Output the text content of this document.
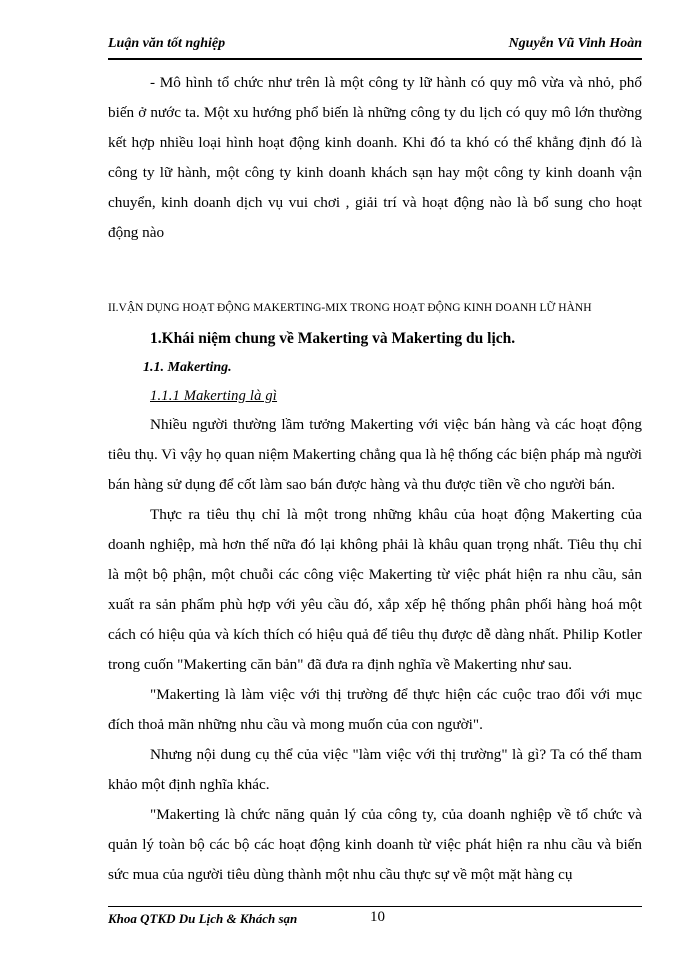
Luận văn tốt nghiệp	Nguyễn Vũ Vinh Hoàn

- Mô hình tổ chức như trên là một công ty lữ hành có quy mô vừa và nhỏ, phổ biến ở nước ta. Một xu hướng phổ biến là những công ty du lịch có quy mô lớn thường kết hợp nhiều loại hình hoạt động kinh doanh. Khi đó ta khó có thể khẳng định đó là công ty lữ hành, một công ty kinh doanh khách sạn hay một công ty kinh doanh vận chuyển, kinh doanh dịch vụ vui chơi , giải trí và hoạt động nào là bổ sung cho hoạt động nào

II.VẬN DỤNG HOẠT ĐỘNG MAKERTING-MIX TRONG HOẠT ĐỘNG KINH DOANH LỮ HÀNH

1.Khái niệm chung về Makerting và Makerting du lịch.

1.1. Makerting.

1.1.1 Makerting là gì

Nhiều người thường lầm tưởng Makerting với việc bán hàng và các hoạt động tiêu thụ. Vì vậy họ quan niệm Makerting chẳng qua là hệ thống các biện pháp mà người bán hàng sử dụng để cốt làm sao bán được hàng và thu được tiền về cho người bán.

Thực ra tiêu thụ chỉ là một trong những khâu của hoạt động Makerting của doanh nghiệp, mà hơn thế nữa đó lại không phải là khâu quan trọng nhất. Tiêu thụ chỉ là một bộ phận, một chuỗi các công việc Makerting từ việc phát hiện ra nhu cầu, sản xuất ra sản phẩm phù hợp với yêu cầu đó, xắp xếp hệ thống phân phối hàng hoá một cách có hiệu qủa và kích thích có hiệu quả để tiêu thụ được dễ dàng nhất. Philip Kotler trong cuốn "Makerting căn bản" đã đưa ra định nghĩa về Makerting như sau.

"Makerting là làm việc với thị trường để thực hiện các cuộc trao đổi với mục đích thoả mãn những nhu cầu và mong muốn của con người".

Nhưng nội dung cụ thể của việc "làm việc với thị trường" là gì? Ta có thể tham khảo một định nghĩa khác.

"Makerting là chức năng quản lý của công ty, của doanh nghiệp về tổ chức và quản lý toàn bộ các bộ các hoạt động kinh doanh từ việc phát hiện ra nhu cầu và biến sức mua của người tiêu dùng thành một nhu cầu thực sự về một mặt hàng cụ

Khoa QTKD Du Lịch & Khách sạn	10
